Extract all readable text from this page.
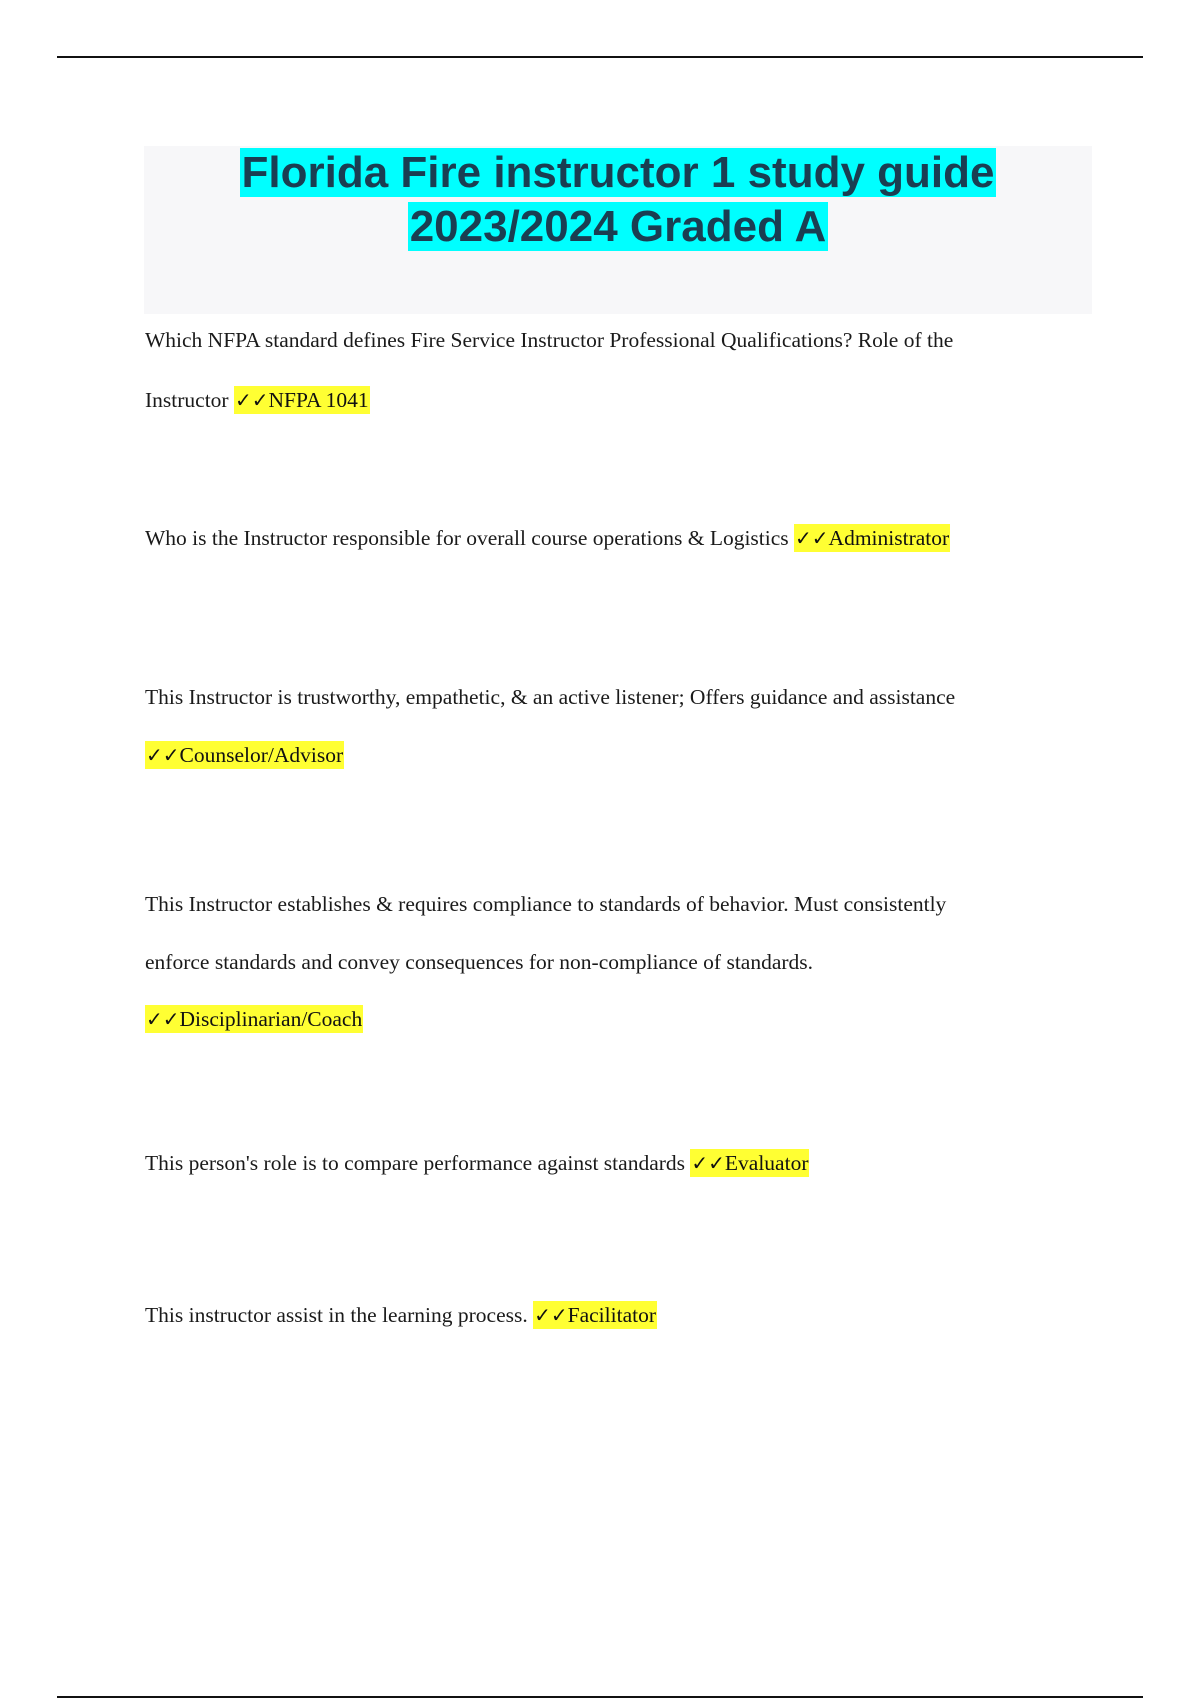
Florida Fire instructor 1 study guide
2023/2024 Graded A
Which NFPA standard defines Fire Service Instructor Professional Qualifications? Role of the
Instructor ✓✓NFPA 1041
Who is the Instructor responsible for overall course operations & Logistics ✓✓Administrator
This Instructor is trustworthy, empathetic, & an active listener; Offers guidance and assistance
✓✓Counselor/Advisor
This Instructor establishes & requires compliance to standards of behavior. Must consistently
enforce standards and convey consequences for non-compliance of standards.
✓✓Disciplinarian/Coach
This person's role is to compare performance against standards ✓✓Evaluator
This instructor assist in the learning process. ✓✓Facilitator
